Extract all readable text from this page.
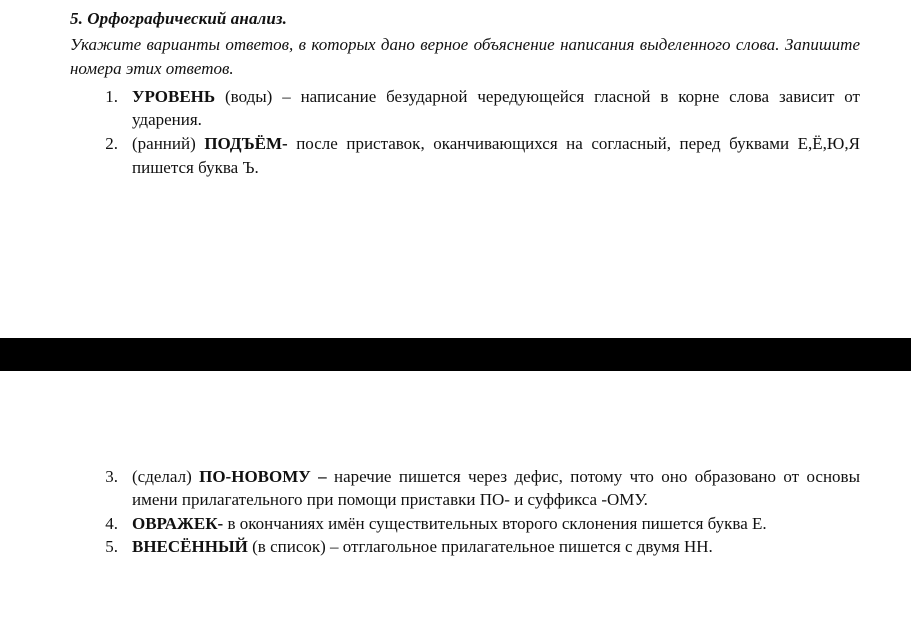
5. Орфографический анализ.

Укажите варианты ответов, в которых дано верное объяснение написания выделенного слова. Запишите номера этих ответов.

1. УРОВЕНЬ (воды) – написание безударной чередующейся гласной в корне слова зависит от ударения.
2. (ранний) ПОДЪЁМ- после приставок, оканчивающихся на согласный, перед буквами Е,Ё,Ю,Я пишется буква Ъ.
3. (сделал) ПО-НОВОМУ – наречие пишется через дефис, потому что оно образовано от основы имени прилагательного при помощи приставки ПО- и суффикса -ОМУ.
4. ОВРАЖЕК- в окончаниях имён существительных второго склонения пишется буква Е.
5. ВНЕСЁННЫЙ (в список) – отглагольное прилагательное пишется с двумя НН.
